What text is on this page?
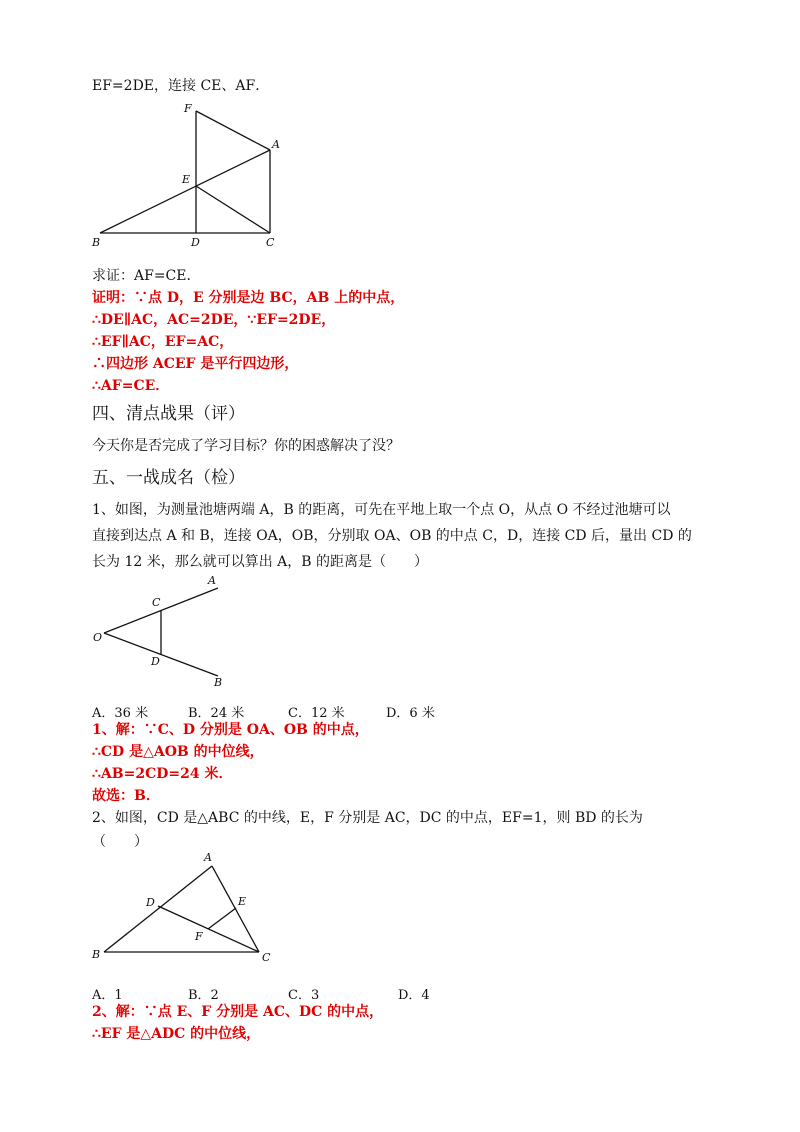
EF=2DE，连接 CE、AF．
F
A
E
B	D	C
求证：AF=CE．
证明：∵点 D，E 分别是边 BC，AB 上的中点，
∴DE∥AC，AC=2DE，∵EF=2DE，
∴EF∥AC，EF=AC，
∴四边形 ACEF 是平行四边形，
∴AF=CE．
四、清点战果（评）
今天你是否完成了学习目标？你的困惑解决了没？
五、一战成名（检）
1、如图，为测量池塘两端 A，B 的距离，可先在平地上取一个点 O，从点 O 不经过池塘可以
直接到达点 A 和 B，连接 OA，OB，分别取 OA、OB 的中点 C，D，连接 CD 后，量出 CD 的
长为 12 米，那么就可以算出 A，B 的距离是（　　）
A
C
O
D
B
A．36 米	B．24 米	C．12 米	D．6 米
1、解：∵C、D 分别是 OA、OB 的中点，
∴CD 是△AOB 的中位线，
∴AB=2CD=24 米．
故选：B．
2、如图，CD 是△ABC 的中线，E，F 分别是 AC，DC 的中点，EF=1，则 BD 的长为
（　　）
A
D	E
F
B	C
A．1	B．2	C．3	D．4
2、解：∵点 E、F 分别是 AC、DC 的中点，
∴EF 是△ADC 的中位线，
